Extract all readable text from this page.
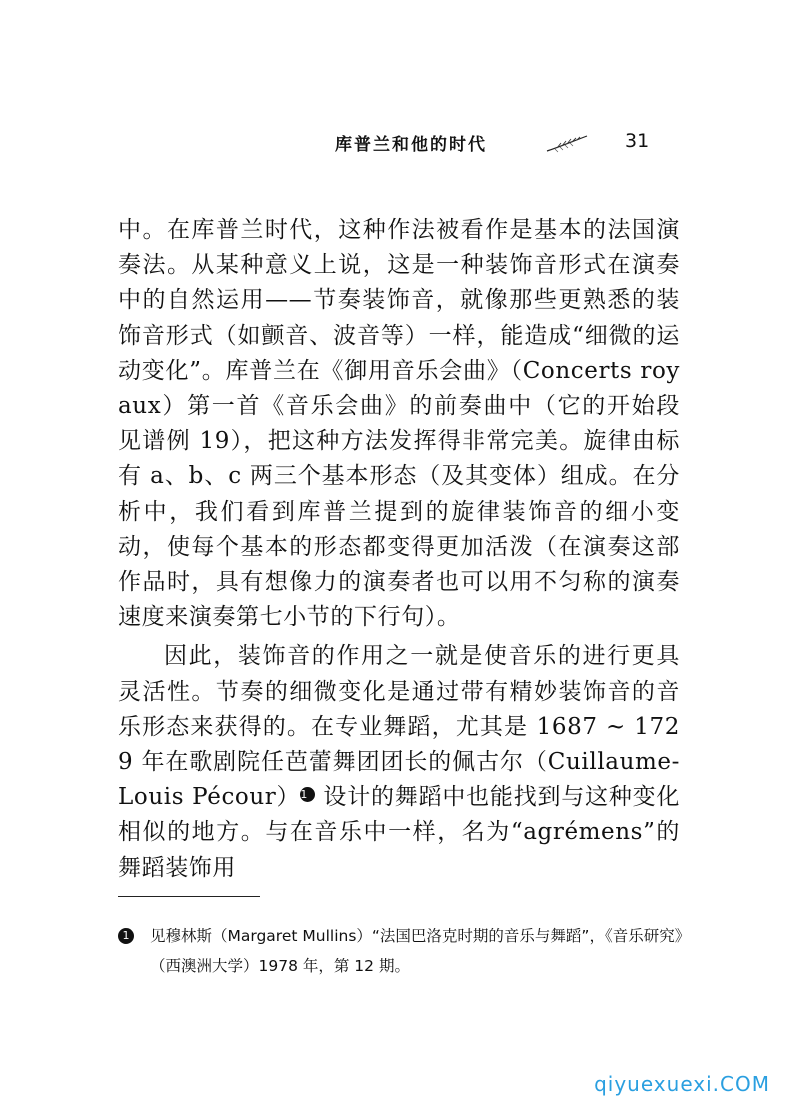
库普兰和他的时代	31

中。在库普兰时代，这种作法被看作是基本的法国演奏法。从某种意义上说，这是一种装饰音形式在演奏中的自然运用——节奏装饰音，就像那些更熟悉的装饰音形式（如颤音、波音等）一样，能造成“细微的运动变化”。库普兰在《御用音乐会曲》（Concerts royaux）第一首《音乐会曲》的前奏曲中（它的开始段见谱例 19），把这种方法发挥得非常完美。旋律由标有 a、b、c 两三个基本形态（及其变体）组成。在分析中，我们看到库普兰提到的旋律装饰音的细小变动，使每个基本的形态都变得更加活泼（在演奏这部作品时，具有想像力的演奏者也可以用不匀称的演奏速度来演奏第七小节的下行句）。

因此，装饰音的作用之一就是使音乐的进行更具灵活性。节奏的细微变化是通过带有精妙装饰音的音乐形态来获得的。在专业舞蹈，尤其是 1687 ~ 1729 年在歌剧院任芭蕾舞团团长的佩古尔（Cuillaume-Louis Pécour）1 设计的舞蹈中也能找到与这种变化相似的地方。与在音乐中一样，名为“agrémens”的舞蹈装饰用

1 见穆林斯（Margaret Mullins）“法国巴洛克时期的音乐与舞蹈”，《音乐研究》（西澳洲大学）1978 年，第 12 期。
qiyuexuexi.COM
